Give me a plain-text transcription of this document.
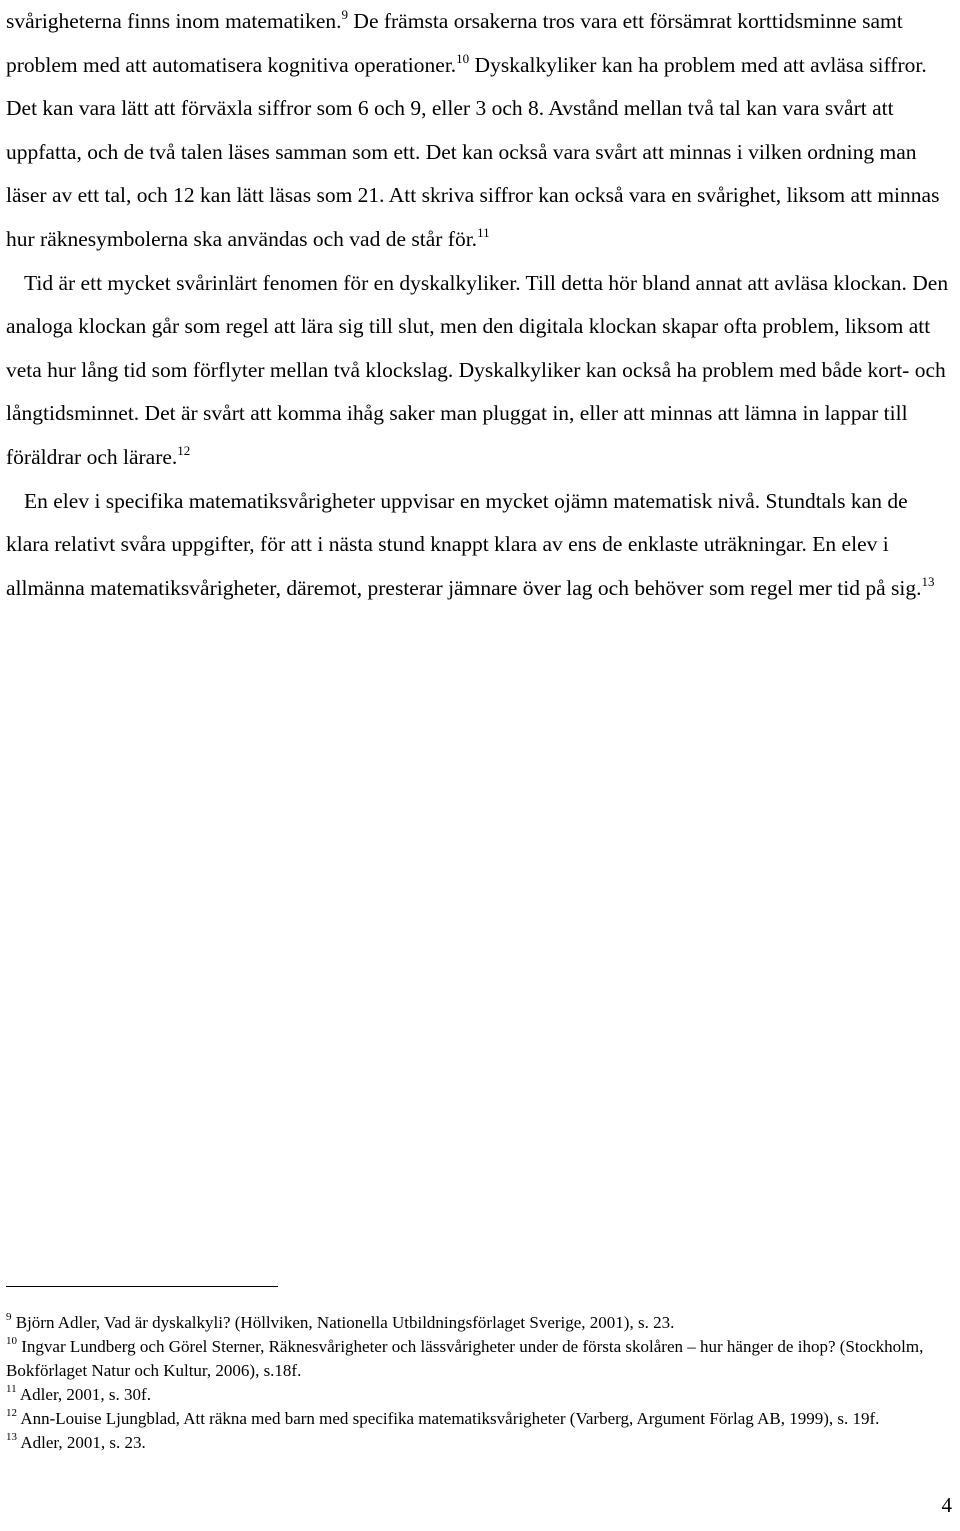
svårigheterna finns inom matematiken.$^9$ De främsta orsakerna tros vara ett försämrat korttidsminne samt problem med att automatisera kognitiva operationer.$^{10}$ Dyskalkyliker kan ha problem med att avläsa siffror. Det kan vara lätt att förväxla siffror som 6 och 9, eller 3 och 8. Avstånd mellan två tal kan vara svårt att uppfatta, och de två talen läses samman som ett. Det kan också vara svårt att minnas i vilken ordning man läser av ett tal, och 12 kan lätt läsas som 21. Att skriva siffror kan också vara en svårighet, liksom att minnas hur räknesymbolerna ska användas och vad de står för.$^{11}$

Tid är ett mycket svårinlärt fenomen för en dyskalkyliker. Till detta hör bland annat att avläsa klockan. Den analoga klockan går som regel att lära sig till slut, men den digitala klockan skapar ofta problem, liksom att veta hur lång tid som förflyter mellan två klockslag. Dyskalkyliker kan också ha problem med både kort- och långtidsminnet. Det är svårt att komma ihåg saker man pluggat in, eller att minnas att lämna in lappar till föräldrar och lärare.$^{12}$

En elev i specifika matematiksvårigheter uppvisar en mycket ojämn matematisk nivå. Stundtals kan de klara relativt svåra uppgifter, för att i nästa stund knappt klara av ens de enklaste uträkningar. En elev i allmänna matematiksvårigheter, däremot, presterar jämnare över lag och behöver som regel mer tid på sig.$^{13}$

$^9$ Björn Adler, Vad är dyskalkyli? (Höllviken, Nationella Utbildningsförlaget Sverige, 2001), s. 23.

$^{10}$ Ingvar Lundberg och Görel Sterner, Räknesvårigheter och lässvårigheter under de första skolåren – hur hänger de ihop? (Stockholm, Bokförlaget Natur och Kultur, 2006), s.18f.

$^{11}$ Adler, 2001, s. 30f.

$^{12}$ Ann-Louise Ljungblad, Att räkna med barn med specifika matematiksvårigheter (Varberg, Argument Förlag AB, 1999), s. 19f.

$^{13}$ Adler, 2001, s. 23.

4
